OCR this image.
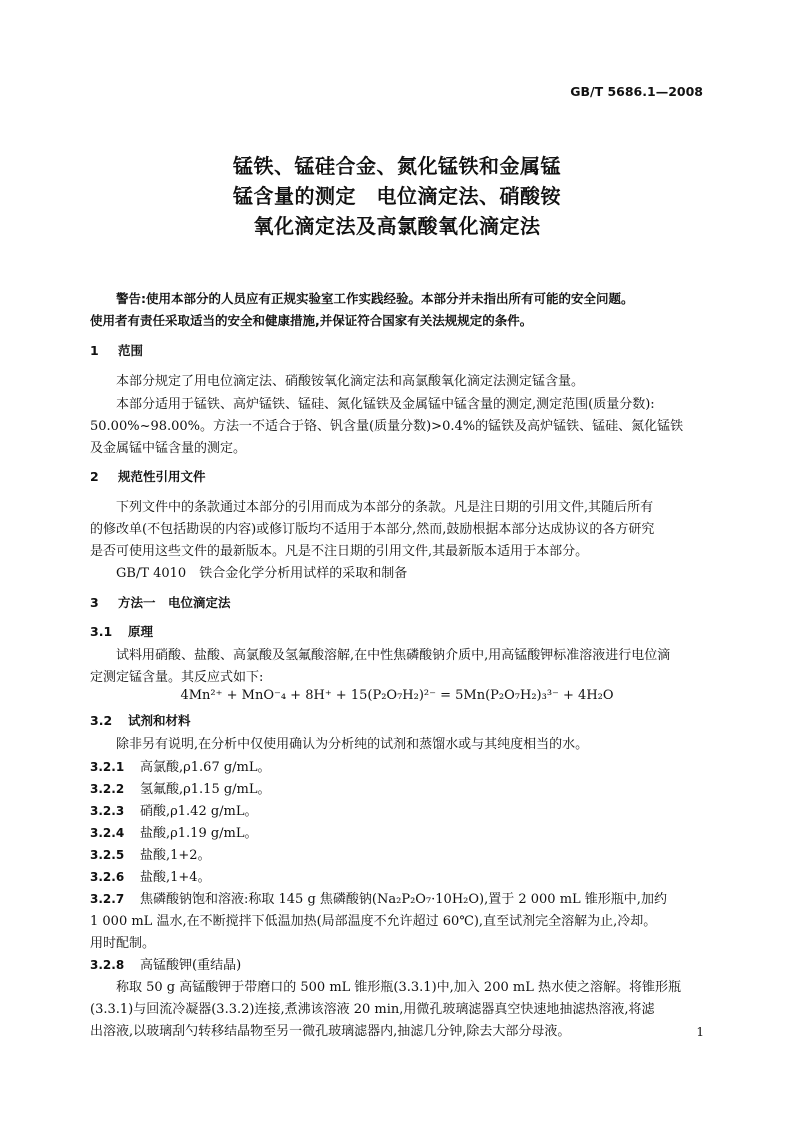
GB/T 5686.1—2008
锰铁、锰硅合金、氮化锰铁和金属锰
锰含量的测定　电位滴定法、硝酸铵
氧化滴定法及高氯酸氧化滴定法
警告:使用本部分的人员应有正规实验室工作实践经验。本部分并未指出所有可能的安全问题。
使用者有责任采取适当的安全和健康措施,并保证符合国家有关法规规定的条件。
1 范围
本部分规定了用电位滴定法、硝酸铵氧化滴定法和高氯酸氧化滴定法测定锰含量。
本部分适用于锰铁、高炉锰铁、锰硅、氮化锰铁及金属锰中锰含量的测定,测定范围(质量分数):
50.00%~98.00%。方法一不适合于铬、钒含量(质量分数)>0.4%的锰铁及高炉锰铁、锰硅、氮化锰铁
及金属锰中锰含量的测定。
2 规范性引用文件
下列文件中的条款通过本部分的引用而成为本部分的条款。凡是注日期的引用文件,其随后所有
的修改单(不包括勘误的内容)或修订版均不适用于本部分,然而,鼓励根据本部分达成协议的各方研究
是否可使用这些文件的最新版本。凡是不注日期的引用文件,其最新版本适用于本部分。
GB/T 4010　铁合金化学分析用试样的采取和制备
3 方法一　电位滴定法
3.1 原理
试料用硝酸、盐酸、高氯酸及氢氟酸溶解,在中性焦磷酸钠介质中,用高锰酸钾标准溶液进行电位滴
定测定锰含量。其反应式如下:
4Mn²⁺ + MnO⁻₄ + 8H⁺ + 15(P₂O₇H₂)²⁻ = 5Mn(P₂O₇H₂)₃³⁻ + 4H₂O
3.2 试剂和材料
除非另有说明,在分析中仅使用确认为分析纯的试剂和蒸馏水或与其纯度相当的水。
3.2.1 高氯酸,ρ1.67 g/mL。
3.2.2 氢氟酸,ρ1.15 g/mL。
3.2.3 硝酸,ρ1.42 g/mL。
3.2.4 盐酸,ρ1.19 g/mL。
3.2.5 盐酸,1+2。
3.2.6 盐酸,1+4。
3.2.7 焦磷酸钠饱和溶液:称取 145 g 焦磷酸钠(Na₂P₂O₇·10H₂O),置于 2 000 mL 锥形瓶中,加约
1 000 mL 温水,在不断搅拌下低温加热(局部温度不允许超过 60℃),直至试剂完全溶解为止,冷却。
用时配制。
3.2.8 高锰酸钾(重结晶)
称取 50 g 高锰酸钾于带磨口的 500 mL 锥形瓶(3.3.1)中,加入 200 mL 热水使之溶解。将锥形瓶
(3.3.1)与回流冷凝器(3.3.2)连接,煮沸该溶液 20 min,用微孔玻璃滤器真空快速地抽滤热溶液,将滤
出溶液,以玻璃刮勺转移结晶物至另一微孔玻璃滤器内,抽滤几分钟,除去大部分母液。	1
